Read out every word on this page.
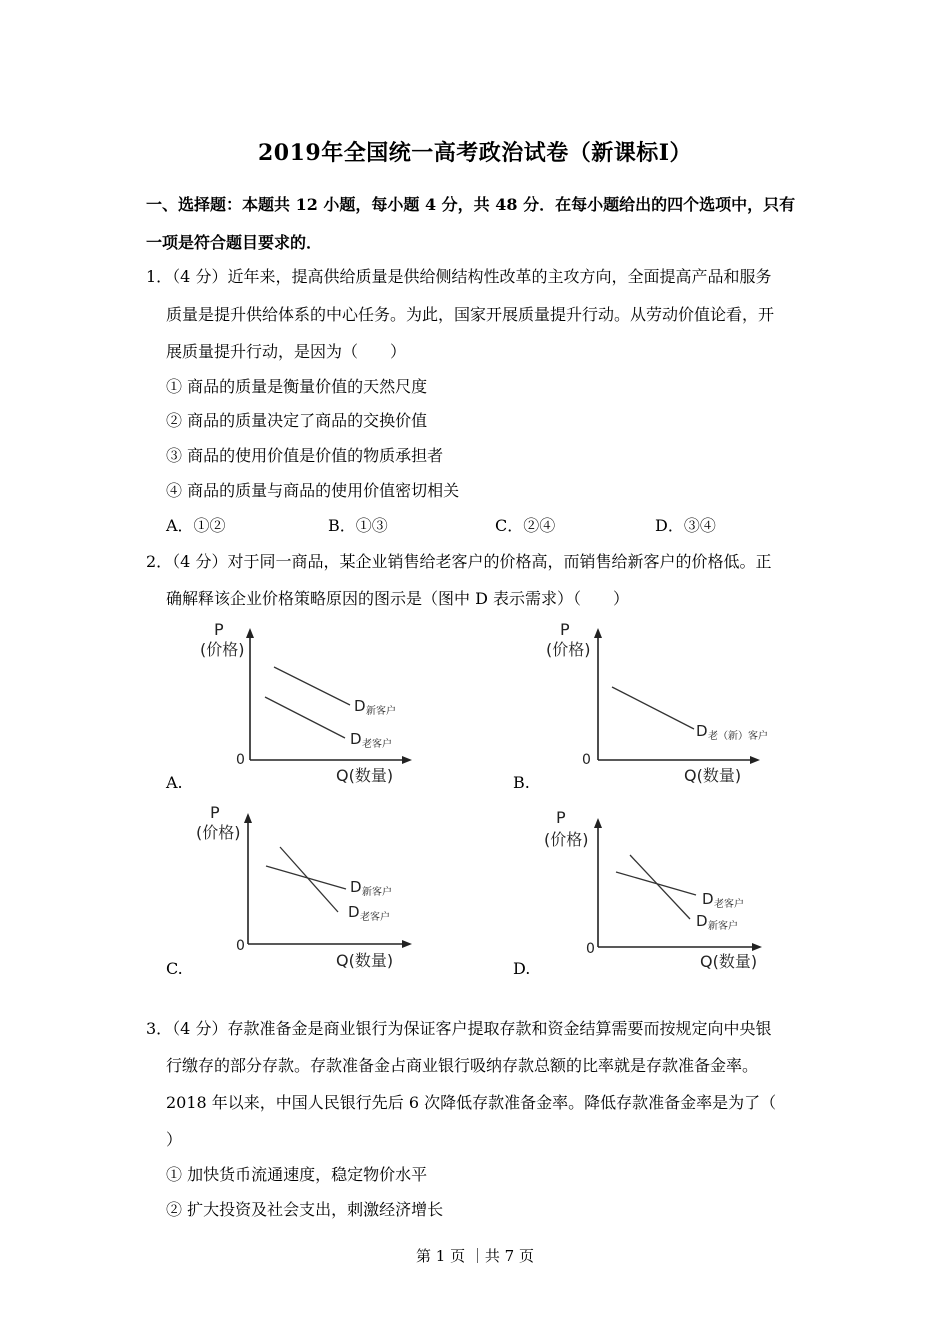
2019年全国统一高考政治试卷（新课标Ⅰ）
一、选择题：本题共 12 小题，每小题 4 分，共 48 分．在每小题给出的四个选项中，只有
一项是符合题目要求的．
1．（4 分）近年来，提高供给质量是供给侧结构性改革的主攻方向，全面提高产品和服务
质量是提升供给体系的中心任务。为此，国家开展质量提升行动。从劳动价值论看，开
展质量提升行动，是因为（　　）
① 商品的质量是衡量价值的天然尺度
② 商品的质量决定了商品的交换价值
③ 商品的使用价值是价值的物质承担者
④ 商品的质量与商品的使用价值密切相关
A．①②	B．①③	C．②④	D．③④
2．（4 分）对于同一商品，某企业销售给老客户的价格高，而销售给新客户的价格低。正
确解释该企业价格策略原因的图示是（图中 D 表示需求）（　　）
P
(价格)
0
Q(数量)
D 新客户
D 老客户
A.
P
(价格)
0
Q(数量)
D 老（新）客户
B.
P
(价格)
0
Q(数量)
D 新客户
D 老客户
C.
P
(价格)
0
Q(数量)
D 老客户
D 新客户
D.
3．（4 分）存款准备金是商业银行为保证客户提取存款和资金结算需要而按规定向中央银
行缴存的部分存款。存款准备金占商业银行吸纳存款总额的比率就是存款准备金率。
2018 年以来，中国人民银行先后 6 次降低存款准备金率。降低存款准备金率是为了（
）
① 加快货币流通速度，稳定物价水平
② 扩大投资及社会支出，刺激经济增长
第 1 页 ｜共 7 页
